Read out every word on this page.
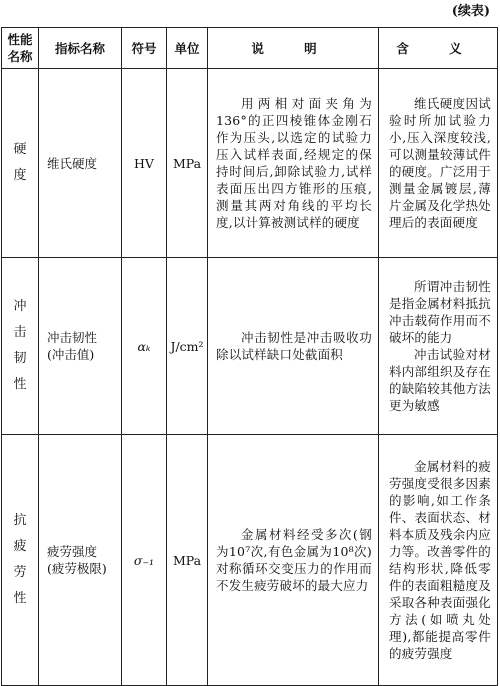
(续表)
性能
名称	指标名称	符号	单位	说 明	含 义

硬
度	维氏硬度	HV	MPa	用两相对面夹角为136°的正四棱锥体金刚石作为压头,以选定的试验力压入试样表面,经规定的保持时间后,卸除试验力,试样表面压出四方锥形的压痕,测量其两对角线的平均长度,以计算被测试样的硬度	维氏硬度因试验时所加试验力小,压入深度较浅,可以测量较薄试件的硬度。广泛用于测量金属镀层,薄片金属及化学热处理后的表面硬度

冲
击
韧
性	冲击韧性
(冲击值)	αₖ	J/cm²	冲击韧性是冲击吸收功除以试样缺口处截面积	所谓冲击韧性是指金属材料抵抗冲击载荷作用而不破坏的能力
冲击试验对材料内部组织及存在的缺陷较其他方法更为敏感

抗
疲
劳
性	疲劳强度
(疲劳极限)	σ₋₁	MPa	金属材料经受多次(钢为10⁷次,有色金属为10⁸次)对称循环交变压力的作用而不发生疲劳破坏的最大应力	金属材料的疲劳强度受很多因素的影响,如工作条件、表面状态、材料本质及残余内应力等。改善零件的结构形状,降低零件的表面粗糙度及采取各种表面强化方法(如喷丸处理),都能提高零件的疲劳强度
